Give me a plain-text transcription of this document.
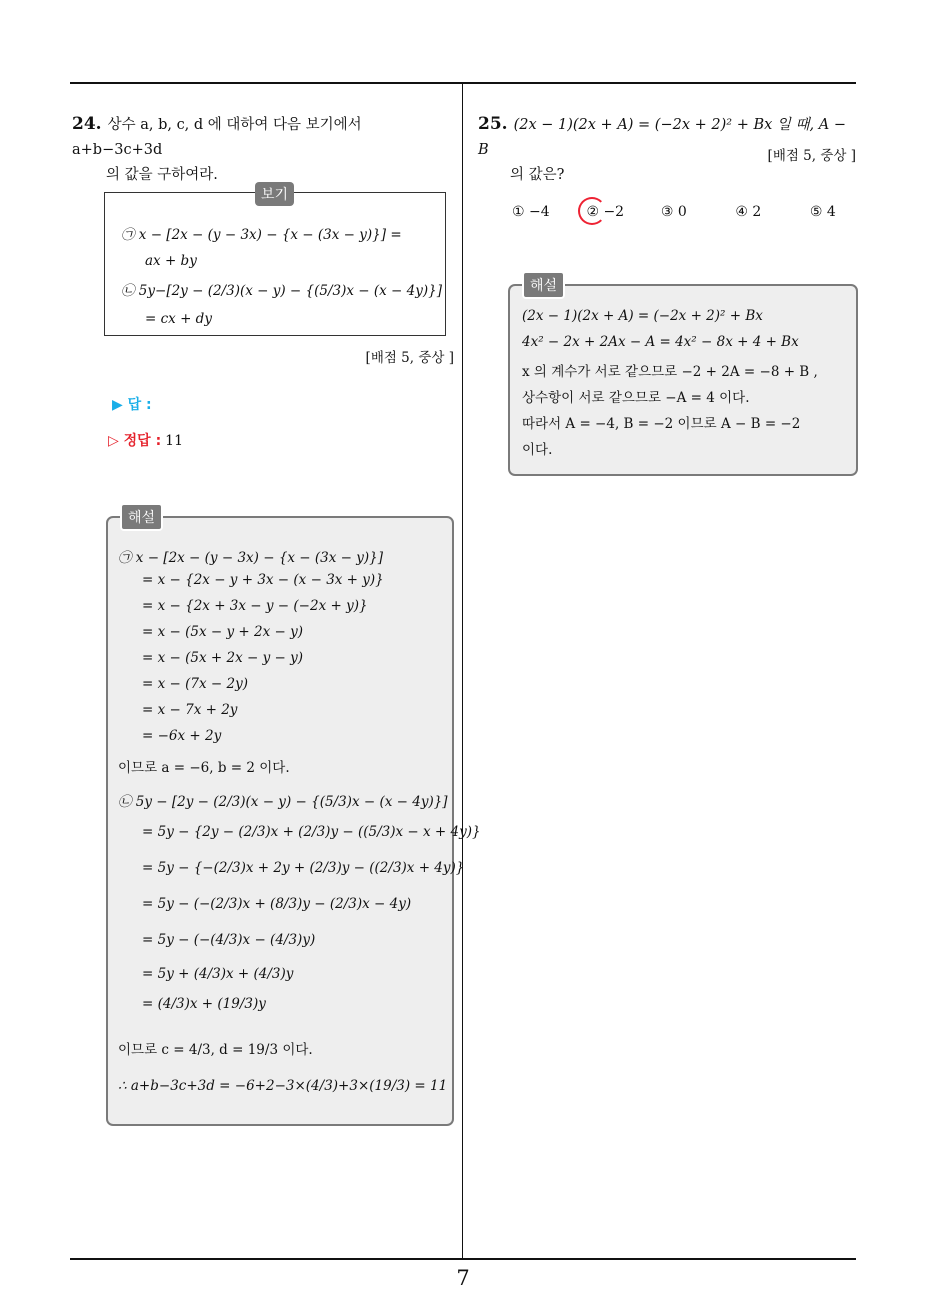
7
24. 상수 a, b, c, d 에 대하여 다음 보기에서 a+b−3c+3d
의 값을 구하여라.
보기
㉠ x − [2x − (y − 3x) − {x − (3x − y)}] =
ax + by
㉡ 5y−[2y − (2/3)(x − y) − {(5/3)x − (x − 4y)}]
= cx + dy
[배점 5, 중상 ]
▶ 답 :
▷ 정답 : 11
해설
㉠ x − [2x − (y − 3x) − {x − (3x − y)}]
= x − {2x − y + 3x − (x − 3x + y)}
= x − {2x + 3x − y − (−2x + y)}
= x − (5x − y + 2x − y)
= x − (5x + 2x − y − y)
= x − (7x − 2y)
= x − 7x + 2y
= −6x + 2y
이므로 a = −6, b = 2 이다.
㉡ 5y − [2y − (2/3)(x − y) − {(5/3)x − (x − 4y)}]
= 5y − {2y − (2/3)x + (2/3)y − ((5/3)x − x + 4y)}
= 5y − {−(2/3)x + 2y + (2/3)y − ((2/3)x + 4y)}
= 5y − (−(2/3)x + (8/3)y − (2/3)x − 4y)
= 5y − (−(4/3)x − (4/3)y)
= 5y + (4/3)x + (4/3)y
= (4/3)x + (19/3)y
이므로 c = 4/3, d = 19/3 이다.
∴ a+b−3c+3d = −6+2−3×(4/3)+3×(19/3) = 11
25. (2x − 1)(2x + A) = (−2x + 2)² + Bx 일 때, A − B
의 값은?
[배점 5, 중상 ]
① −4	② −2	③ 0	④ 2	⑤ 4
해설
(2x − 1)(2x + A) = (−2x + 2)² + Bx
4x² − 2x + 2Ax − A = 4x² − 8x + 4 + Bx
x 의 계수가 서로 같으므로 −2 + 2A = −8 + B ,
상수항이 서로 같으므로 −A = 4 이다.
따라서 A = −4, B = −2 이므로 A − B = −2
이다.
